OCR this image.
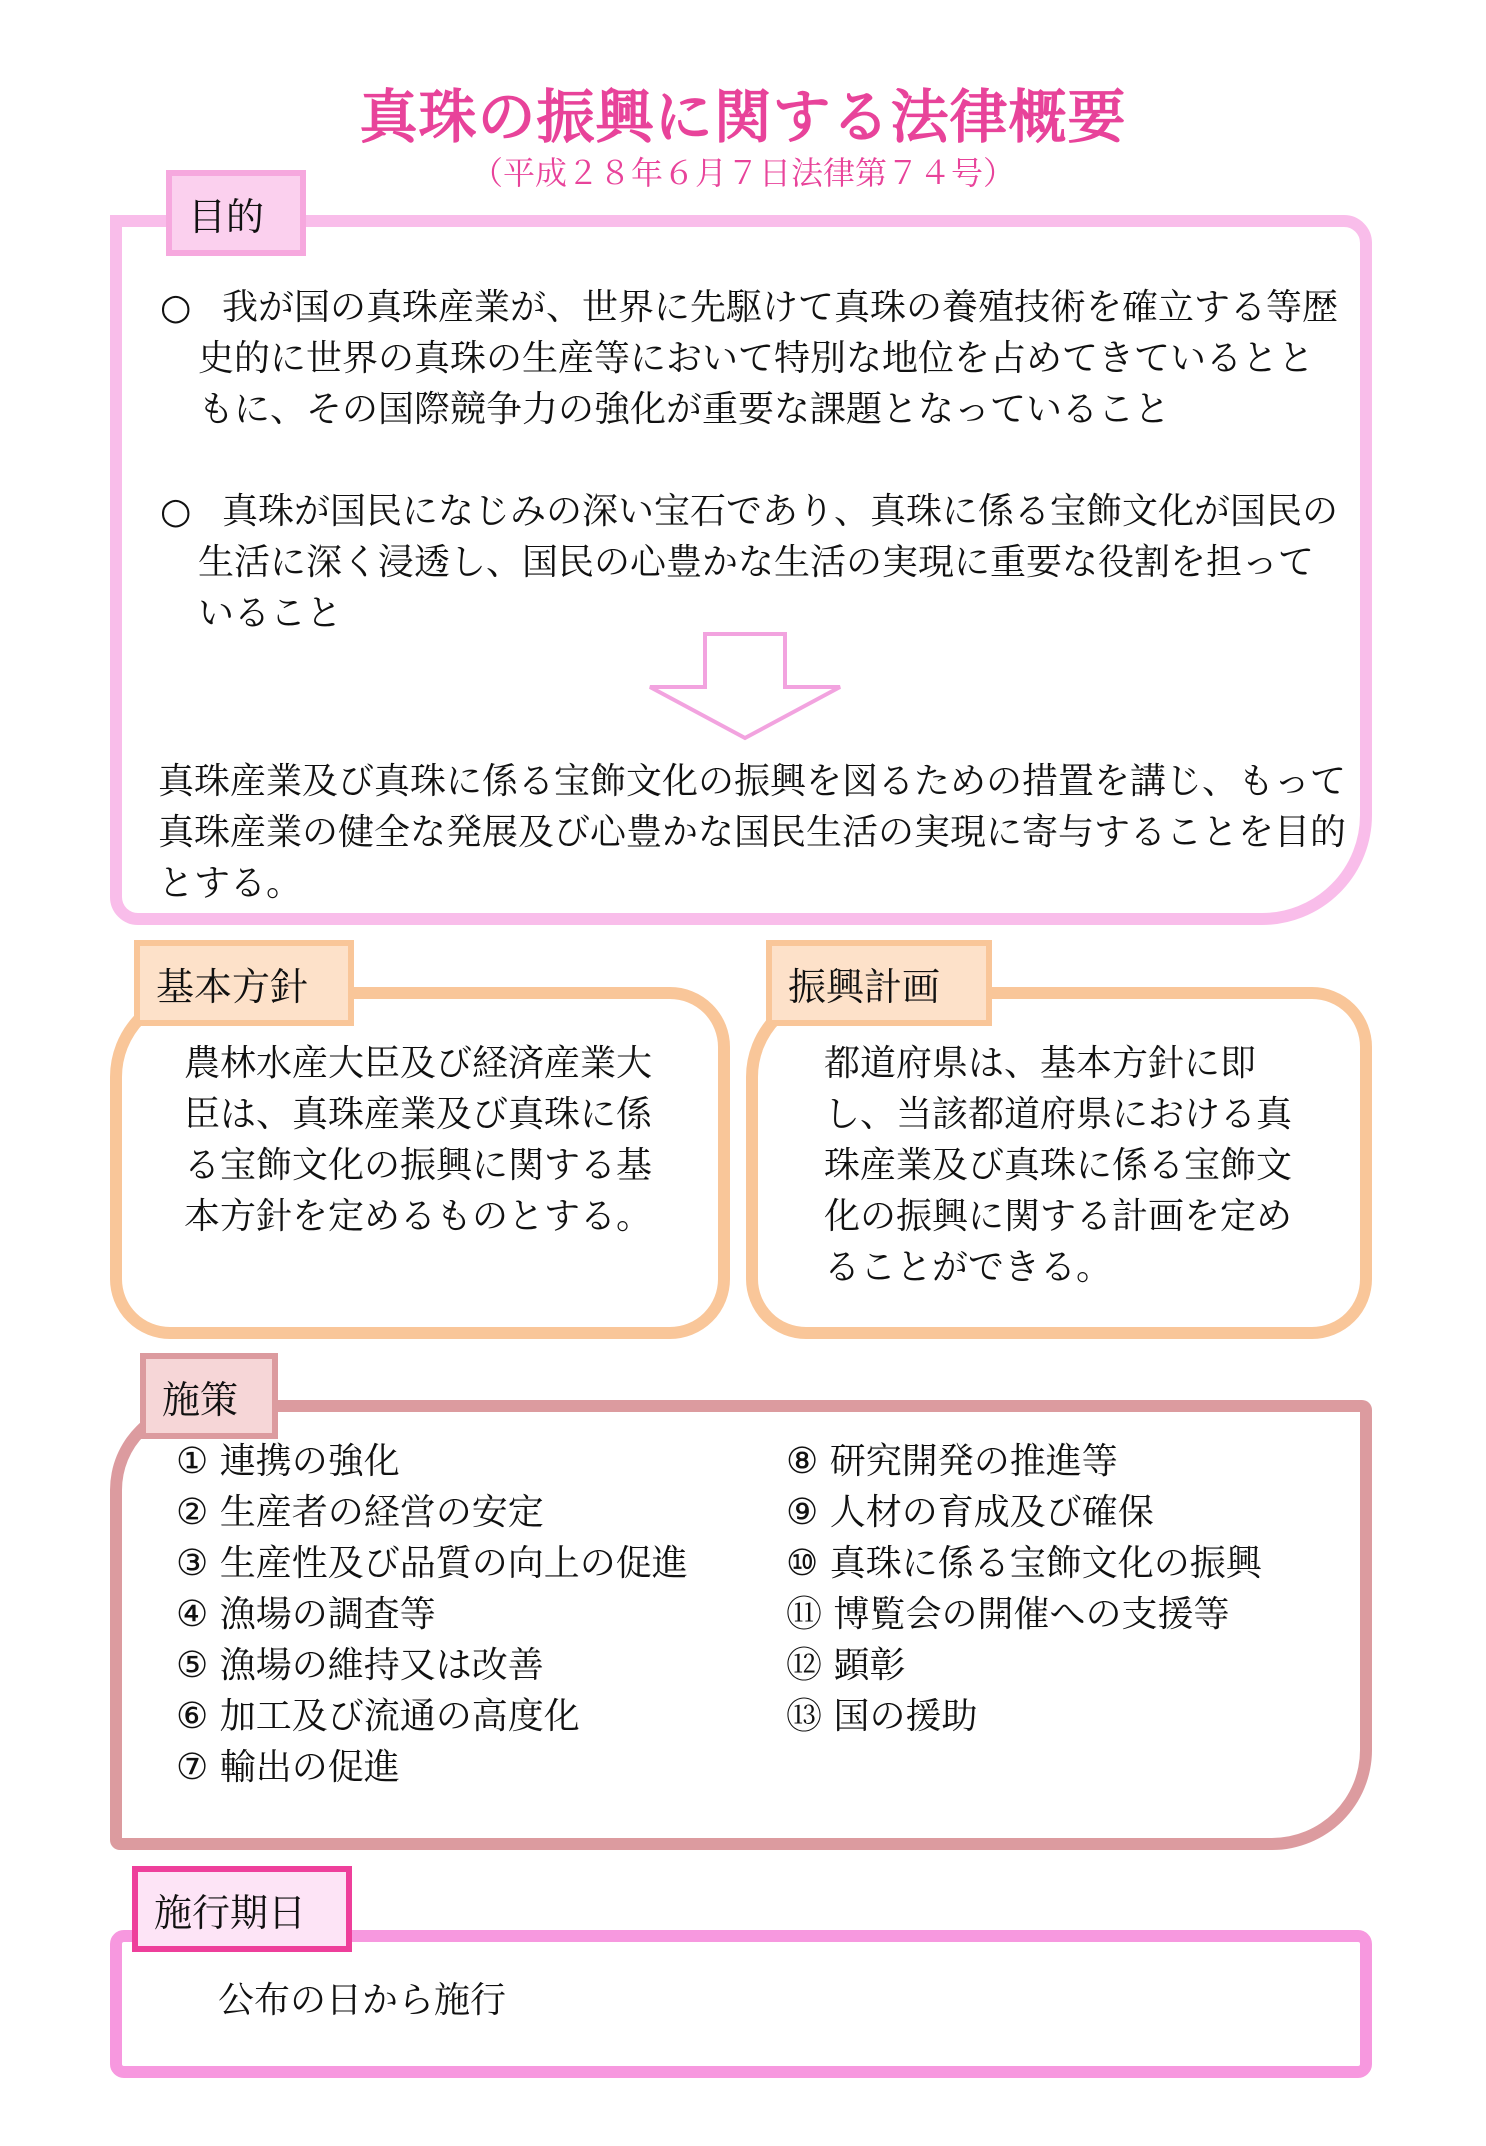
真珠の振興に関する法律概要
（平成２８年６月７日法律第７４号）
目的
○ 我が国の真珠産業が、世界に先駆けて真珠の養殖技術を確立する等歴史的に世界の真珠の生産等において特別な地位を占めてきているとともに、その国際競争力の強化が重要な課題となっていること
○ 真珠が国民になじみの深い宝石であり、真珠に係る宝飾文化が国民の生活に深く浸透し、国民の心豊かな生活の実現に重要な役割を担っていること
真珠産業及び真珠に係る宝飾文化の振興を図るための措置を講じ、もって真珠産業の健全な発展及び心豊かな国民生活の実現に寄与することを目的とする。
基本方針
農林水産大臣及び経済産業大臣は、真珠産業及び真珠に係る宝飾文化の振興に関する基本方針を定めるものとする。
振興計画
都道府県は、基本方針に即し、当該都道府県における真珠産業及び真珠に係る宝飾文化の振興に関する計画を定めることができる。
施策
① 連携の強化
② 生産者の経営の安定
③ 生産性及び品質の向上の促進
④ 漁場の調査等
⑤ 漁場の維持又は改善
⑥ 加工及び流通の高度化
⑦ 輸出の促進
⑧ 研究開発の推進等
⑨ 人材の育成及び確保
⑩ 真珠に係る宝飾文化の振興
⑪ 博覧会の開催への支援等
⑫ 顕彰
⑬ 国の援助
施行期日
公布の日から施行
